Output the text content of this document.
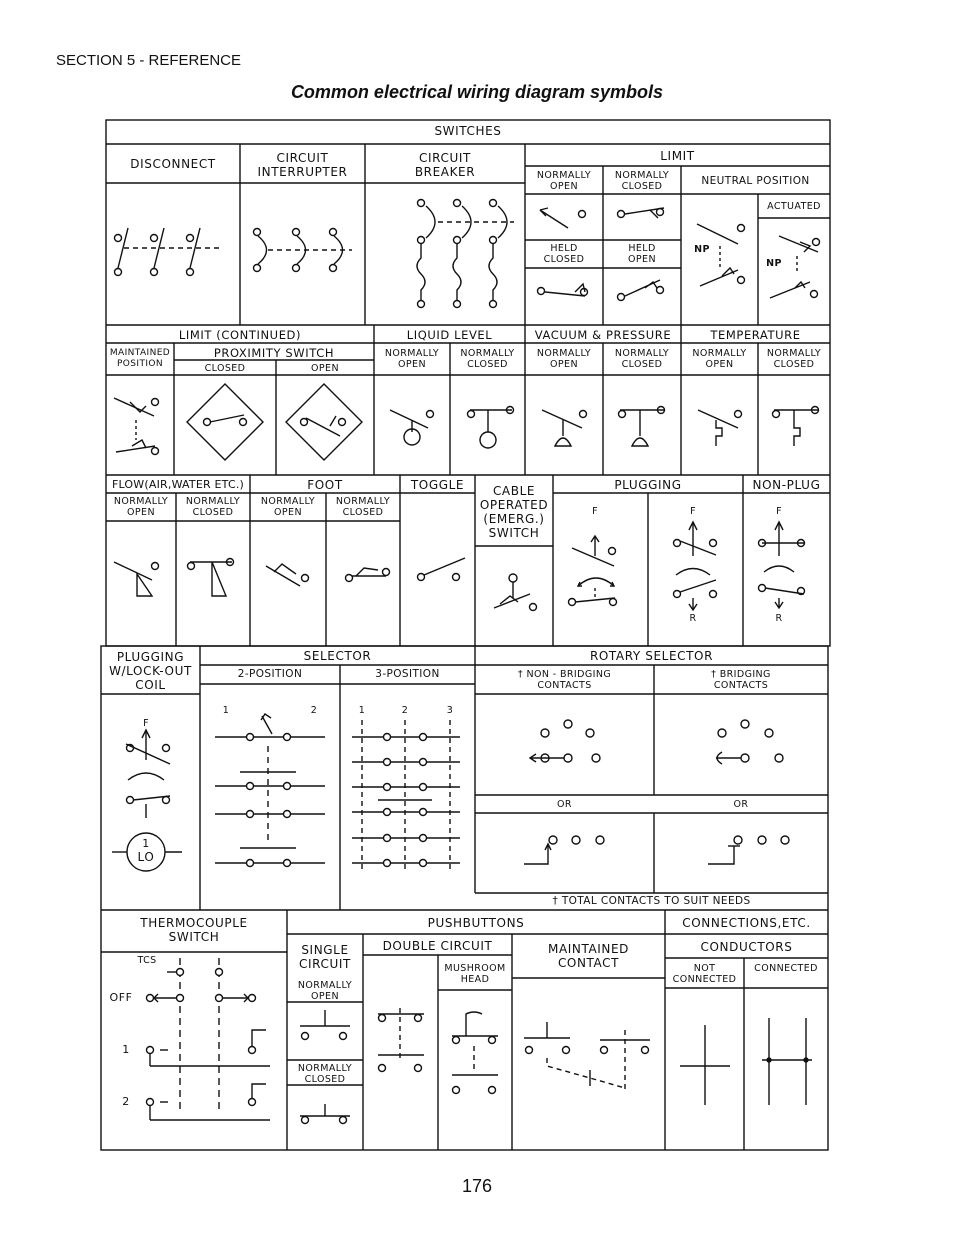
SECTION 5 - REFERENCE
Common electrical wiring diagram symbols
SWITCHES
DISCONNECT	CIRCUIT
INTERRUPTER
CIRCUIT
BREAKER
LIMIT
NORMALLY
OPEN
NORMALLY
CLOSED	NEUTRAL POSITION
ACTUATED
HELD
CLOSED
HELD
OPEN
NP
NP
LIMIT (CONTINUED)
MAINTAINED
POSITION
PROXIMITY SWITCH
CLOSED	OPEN
LIQUID LEVEL
NORMALLY
OPEN
NORMALLY
CLOSED
VACUUM & PRESSURE
NORMALLY
OPEN
NORMALLY
CLOSED
TEMPERATURE
NORMALLY
OPEN
NORMALLY
CLOSED
FLOW(AIR,WATER ETC.)
NORMALLY
OPEN
NORMALLY
CLOSED
FOOT
NORMALLY
OPEN
NORMALLY
CLOSED
TOGGLE	CABLE
OPERATED
(EMERG.)
SWITCH
PLUGGING	NON-PLUG
F	F
R
F
R
PLUGGING
W/LOCK-OUT
COIL
F
1
LO
SELECTOR
2-POSITION	3-POSITION
1	2	1	2	3
ROTARY SELECTOR
† NON - BRIDGING
CONTACTS
† BRIDGING
CONTACTS
OR	OR
† TOTAL CONTACTS TO SUIT NEEDS
THERMOCOUPLE
SWITCH
TCS
OFF
1
2
PUSHBUTTONS
SINGLE
CIRCUIT
NORMALLY
OPEN
NORMALLY
CLOSED
DOUBLE CIRCUIT
MUSHROOM
HEAD
MAINTAINED
CONTACT
CONNECTIONS,ETC.
CONDUCTORS
NOT
CONNECTED
CONNECTED
176
